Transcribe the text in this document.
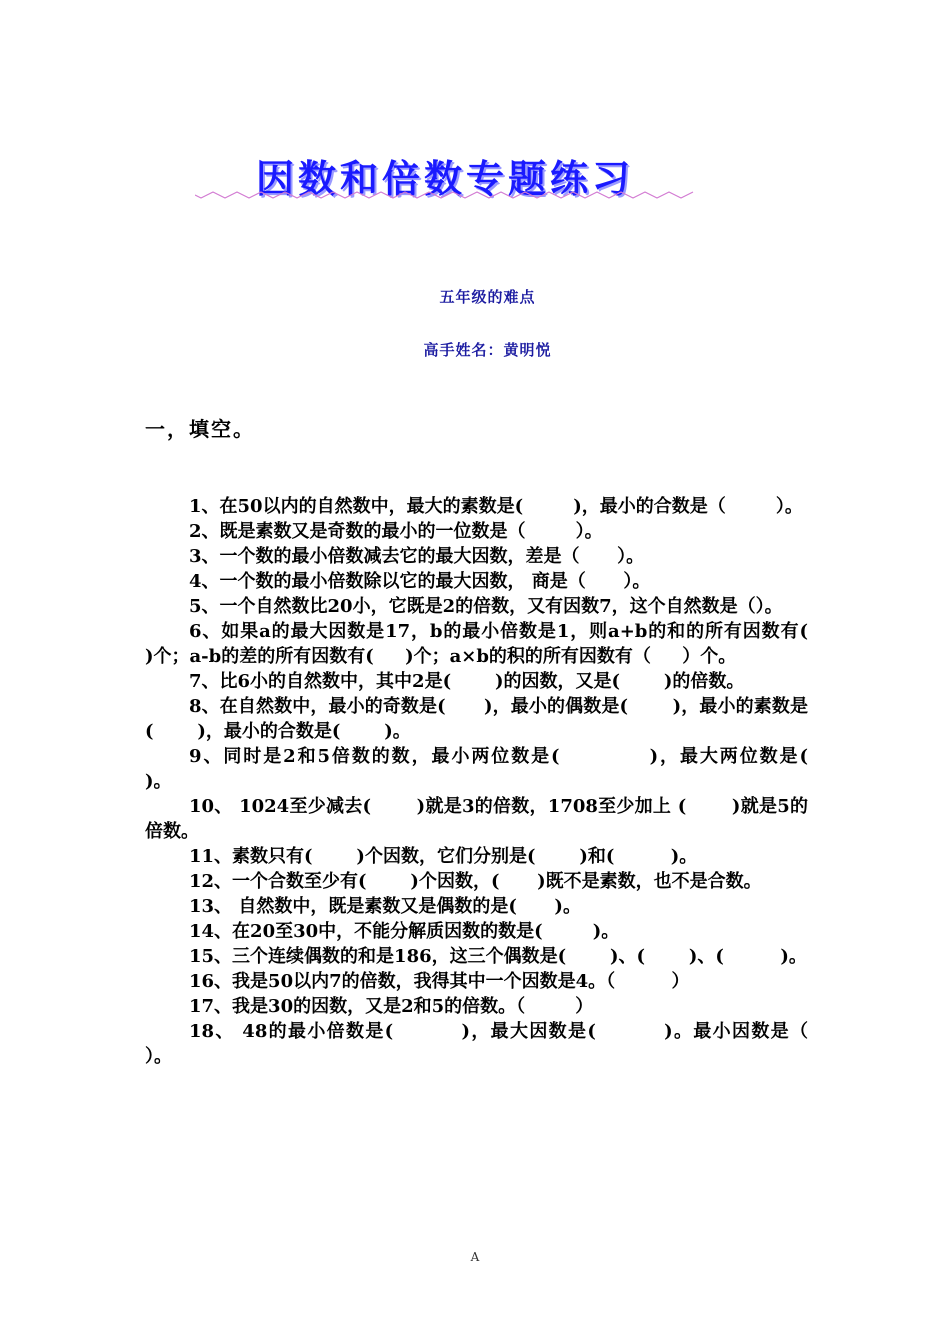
因数和倍数专题练习
五年级的难点
高手姓名：黄明悦
一，填空。
1、在50以内的自然数中，最大的素数是(        )，最小的合数是（        ）。
2、既是素数又是奇数的最小的一位数是（        ）。
3、一个数的最小倍数减去它的最大因数，差是（      ）。
4、一个数的最小倍数除以它的最大因数， 商是（      ）。
5、一个自然数比20小，它既是2的倍数，又有因数7，这个自然数是（）。
6、如果a的最大因数是17，b的最小倍数是1，则a+b的和的所有因数有(     )个；a-b的差的所有因数有(     )个；a×b的积的所有因数有（     ）个。
7、比6小的自然数中，其中2是(       )的因数，又是(       )的倍数。
8、在自然数中，最小的奇数是(      )，最小的偶数是(       )，最小的素数是(       )，最小的合数是(       )。
9、同时是2和5倍数的数，最小两位数是(           )，最大两位数是(         )。
10、 1024至少减去(       )就是3的倍数，1708至少加上 (       )就是5的倍数。
11、素数只有(       )个因数，它们分别是(       )和(         )。
12、一个合数至少有(       )个因数，(      )既不是素数，也不是合数。
13、 自然数中，既是素数又是偶数的是(      )。
14、在20至30中，不能分解质因数的数是(        )。
15、三个连续偶数的和是186，这三个偶数是(       )、(       )、(         )。
16、我是50以内7的倍数，我得其中一个因数是4。（         ）
17、我是30的因数，又是2和5的倍数。（        ）
18、 48的最小倍数是(         )，最大因数是(         )。最小因数是（         ）。
A
